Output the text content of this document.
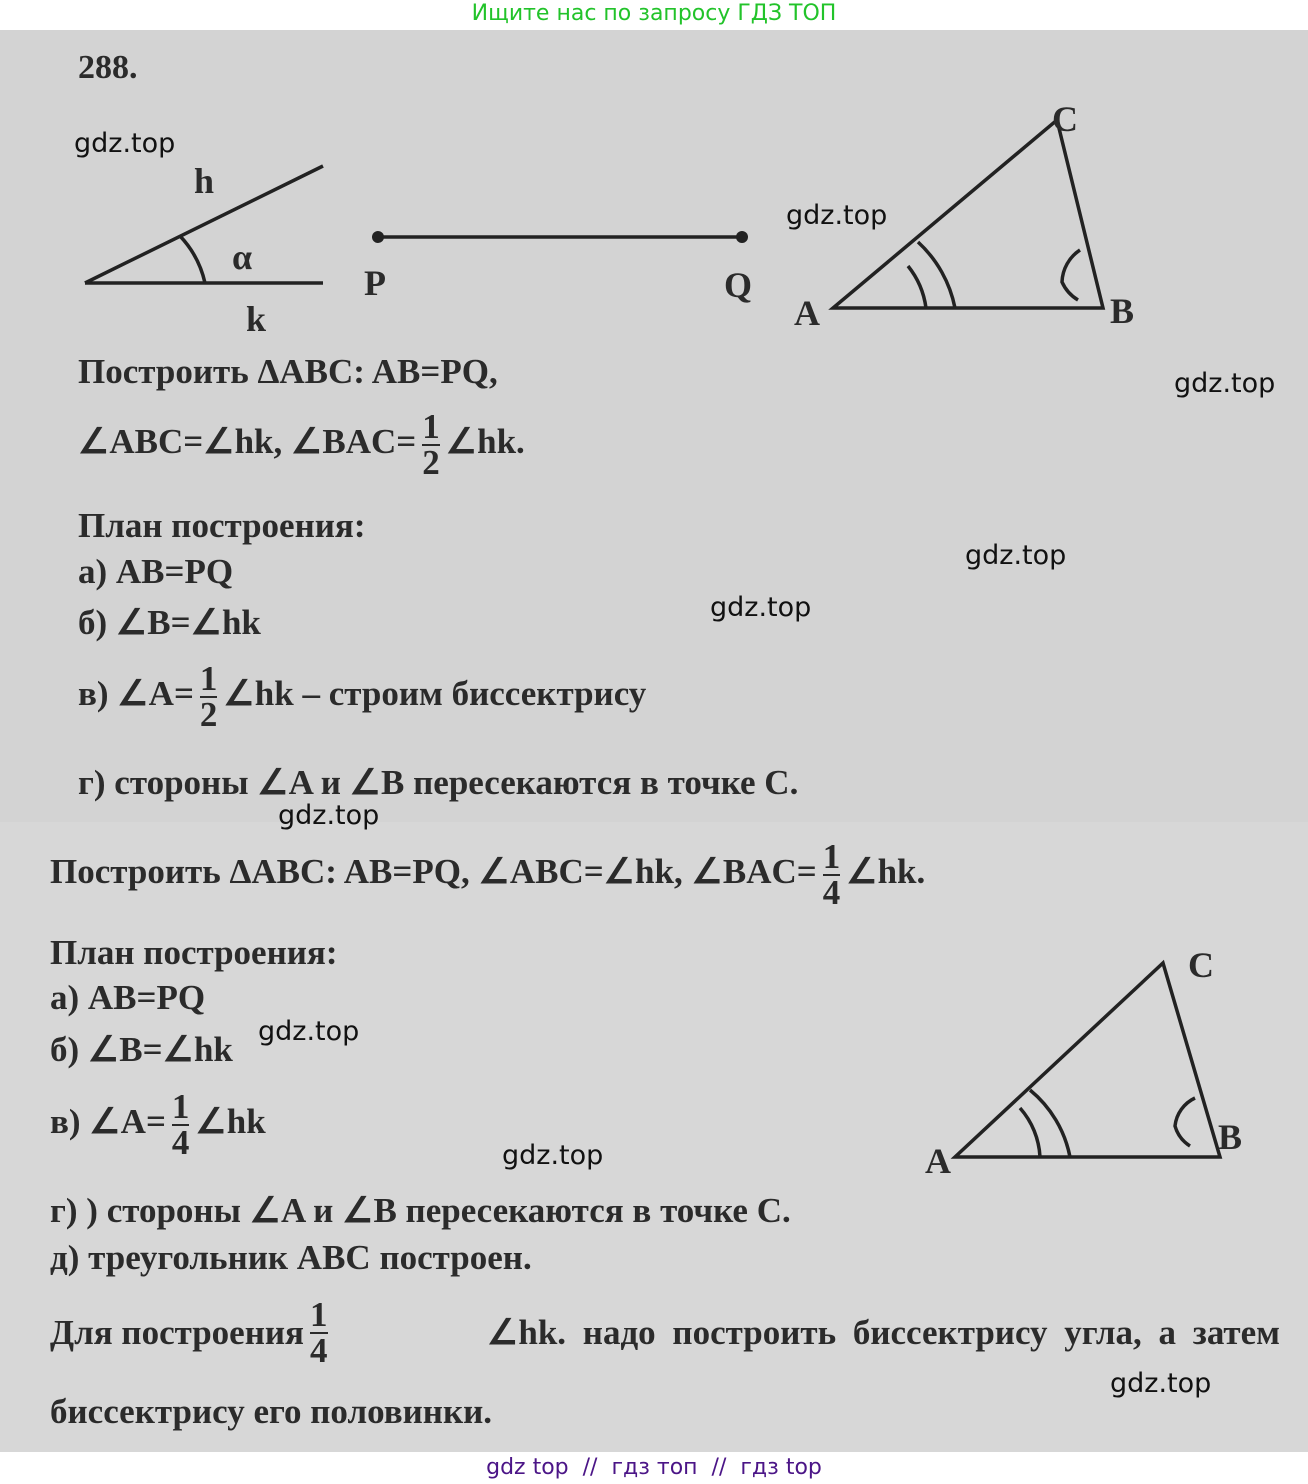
Ищите нас по запросу ГДЗ ТОП
288.
h
α
k
P	Q
A	B
C
A
B
C
Построить ΔABC: AB=PQ,
∠ABC=∠hk, ∠BAC= $\frac{1}{2}$ ∠hk.
План построения:
а) AB=PQ
б) ∠B=∠hk
в) ∠A= $\frac{1}{2}$ ∠hk – строим биссектрису
г) стороны ∠A и ∠B пересекаются в точке С.
Построить ΔABC: AB=PQ, ∠ABC=∠hk, ∠BAC= $\frac{1}{4}$ ∠hk.
План построения:
а) AB=PQ
б) ∠B=∠hk
в) ∠A= $\frac{1}{4}$ ∠hk
г) ) стороны ∠A и ∠B пересекаются в точке С.
д) треугольник ABC построен.
Для построения $\frac{1}{4}$	∠hk. надо построить биссектрису угла, а затем
биссектрису его половинки.
gdz.top
gdz.top
gdz.top
gdz.top
gdz.top
gdz.top
gdz.top
gdz.top
gdz.top
gdz top  //  гдз топ  //  гдз top
